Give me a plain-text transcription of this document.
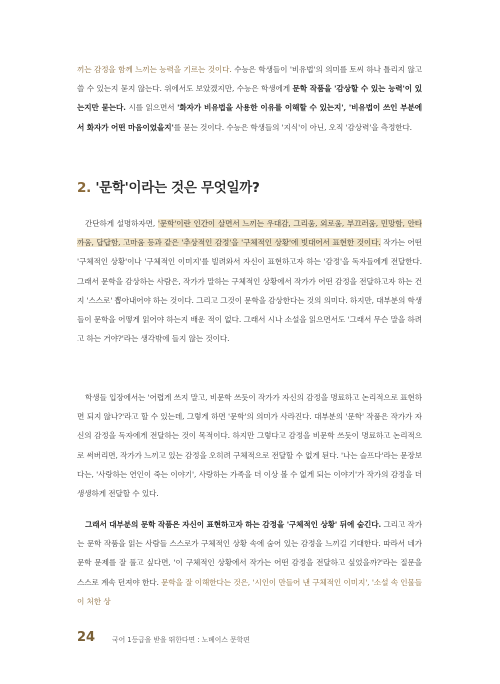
끼는 감정을 함께 느끼는 능력을 기르는 것이다. 수능은 학생들이 '비유법'의 의미를 토씨 하나 틀리지 않고 쓸 수 있는지 묻지 않는다. 위에서도 보았겠지만, 수능은 학생에게 문학 작품을 '감상할 수 있는 능력'이 있는지만 묻는다. 시를 읽으면서 '화자가 비유법을 사용한 이유를 이해할 수 있는지', '비유법이 쓰인 부분에서 화자가 어떤 마음이었을지'를 묻는 것이다. 수능은 학생들의 '지식'이 아닌, 오직 '감상력'을 측정한다.

2. '문학'이라는 것은 무엇일까?

간단하게 설명하자면, '문학'이란 인간이 살면서 느끼는 우대감, 그리움, 외로움, 부끄러움, 민망함, 안타까움, 답답함, 고마움 등과 같은 '추상적인 감정'을 '구체적인 상황'에 빗대어서 표현한 것이다. 작가는 어떤 '구체적인 상황'이나 '구체적인 이미지'를 빌려와서 자신이 표현하고자 하는 '감정'을 독자들에게 전달한다. 그래서 문학을 감상하는 사람은, 작가가 말하는 구체적인 상황에서 작가가 어떤 감정을 전달하고자 하는 건지 '스스로' 뽑아내어야 하는 것이다. 그리고 그것이 문학을 감상한다는 것의 의미다. 하지만, 대부분의 학생들이 문학을 어떻게 읽어야 하는지 배운 적이 없다. 그래서 시나 소설을 읽으면서도 '그래서 무슨 말을 하려고 하는 거야?'라는 생각밖에 들지 않는 것이다.

학생들 입장에서는 '어렵게 쓰지 말고, 비문학 쓰듯이 작가가 자신의 감정을 명료하고 논리적으로 표현하면 되지 않나?'라고 할 수 있는데, 그렇게 하면 '문학'의 의미가 사라진다. 대부분의 '문학' 작품은 작가가 자신의 감정을 독자에게 전달하는 것이 목적이다. 하지만 그렇다고 감정을 비문학 쓰듯이 명료하고 논리적으로 써버리면, 작가가 느끼고 있는 감정을 오히려 구체적으로 전달할 수 없게 된다. '나는 슬프다'라는 문장보다는, '사랑하는 연인이 죽는 이야기', 사랑하는 가족을 더 이상 볼 수 없게 되는 이야기'가 작가의 감정을 더 생생하게 전달할 수 있다.

그래서 대부분의 문학 작품은 자신이 표현하고자 하는 감정을 '구체적인 상황' 뒤에 숨긴다. 그리고 작가는 문학 작품을 읽는 사람들 스스로가 구체적인 상황 속에 숨어 있는 감정을 느끼길 기대한다. 따라서 네가 문학 문제를 잘 풀고 싶다면, '이 구체적인 상황에서 작가는 어떤 감정을 전달하고 싶었을까?'라는 질문을 스스로 계속 던져야 한다. 문학을 잘 이해한다는 것은, '시인이 만들어 낸 구체적인 이미지', '소설 속 인물들이 처한 상

24 국어 1등급을 받을 뛰한다면 : 노베이스 문학편
